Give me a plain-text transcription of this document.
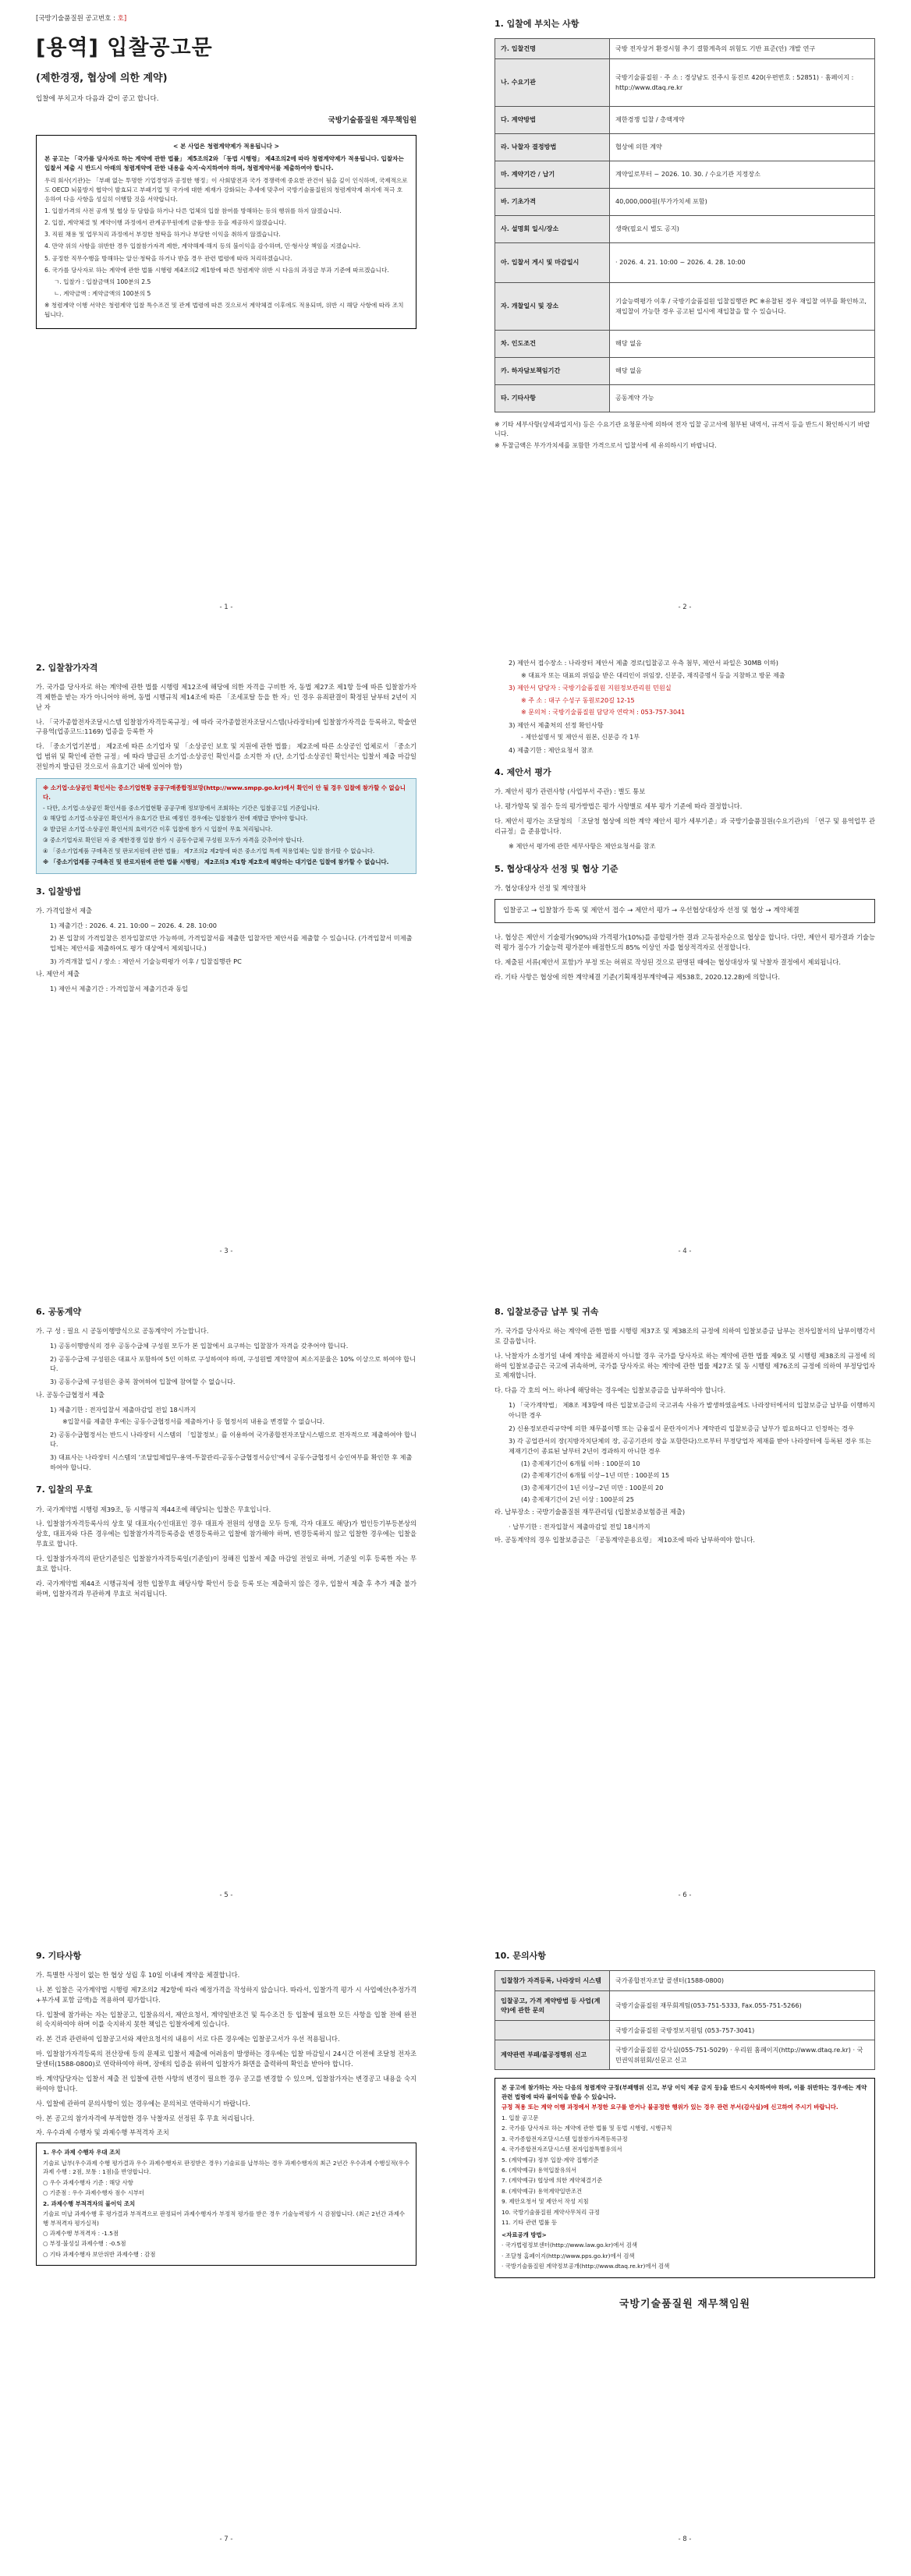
[국방기술품질원 공고번호 : 호]
[용역] 입찰공고문
(제한경쟁, 협상에 의한 계약)
입찰에 부치고자 다음과 같이 공고 합니다.
국방기술품질원 재무책임원
< 본 사업은 청렴계약제가 적용됩니다 >

본 공고는 「국가를 당사자로 하는 계약에 관한 법률」 제5조의2와 「동법 시행령」 제4조의2에 따라 청렴계약제가 적용됩니다. 입찰자는 입찰서 제출 시 반드시 아래의 청렴계약에 관한 내용을 숙지·숙지하여야 하며, 청렴계약서를 제출하여야 합니다.

우리 회사(기관)는 「부패 없는 투명한 기업경영과 공정한 행정」이 사회발전과 국가 경쟁력에 중요한 관건이 됨을 깊이 인식하며, 국제적으로도 OECD 뇌물방지 협약이 발효되고 부패기업 및 국가에 대한 제재가 강화되는 추세에 맞추어 국방기술품질원의 청렴계약제 취지에 적극 호응하여 다음 사항을 성실히 이행할 것을 서약합니다.

1. 입찰가격의 사전 공개 및 협상 등 담합을 하거나 다른 업체의 입찰 참여를 방해하는 등의 행위를 하지 않겠습니다.

2. 입찰, 계약체결 및 계약이행 과정에서 관계공무원에게 금품·향응 등을 제공하지 않겠습니다.

3. 직원 채용 및 업무처리 과정에서 부정한 청탁을 하거나 부당한 이익을 취하지 않겠습니다.

4. 만약 위의 사항을 위반한 경우 입찰참가자격 제한, 계약해제·해지 등의 불이익을 감수하며, 민·형사상 책임을 지겠습니다.

5. 공정한 직무수행을 방해하는 알선·청탁을 하거나 받을 경우 관련 법령에 따라 처리하겠습니다.

6. 국가를 당사자로 하는 계약에 관한 법률 시행령 제4조의2 제1항에 따른 청렴계약 위반 시 다음의 과징금 부과 기준에 따르겠습니다.

ㄱ. 입찰가 : 입찰금액의 100분의 2.5

ㄴ. 계약금액 : 계약금액의 100분의 5

※ 청렴계약 이행 서약은 청렴계약 입찰 특수조건 및 관계 법령에 따른 것으로서 계약체결 이후에도 적용되며, 위반 시 해당 사항에 따라 조치됩니다.

- 1 -
1. 입찰에 부치는 사항
가. 입찰건명	국방 전자상거 환경시험 추기 결함계측의 위험도 기반 표준(안) 개발 연구
나. 수요기관	국방기술품질원 · 주 소 : 경상남도 진주시 동진로 420(우편번호 : 52851) · 홈페이지 : http://www.dtaq.re.kr
다. 계약방법	제한경쟁 입찰 / 총액계약
라. 낙찰자 결정방법	협상에 의한 계약
마. 계약기간 / 납기	계약일로부터 ~ 2026. 10. 30. / 수요기관 지정장소
바. 기초가격	40,000,000원(부가가치세 포함)
사. 설명회 일시/장소	생략(필요시 별도 공지)
아. 입찰서 게시 및 마감일시	· 2026. 4. 21. 10:00 ~ 2026. 4. 28. 10:00
자. 개찰일시 및 장소	기술능력평가 이후 / 국방기술품질원 입찰집행관 PC ※유찰된 경우 재입찰 여부를 확인하고, 재입찰이 가능한 경우 공고된 일시에 재입찰을 할 수 있습니다.
차. 인도조건	해당 없음
카. 하자담보책임기간	해당 없음
타. 기타사항	공동계약 가능
※ 기타 세부사항(상세과업지서) 등은 수요기관 요청문서에 의하여 전자 입찰 공고서에 첨부된 내역서, 규격서 등을 반드시 확인하시기 바랍니다.
※ 투찰금액은 부가가치세를 포함한 가격으로서 입찰서에 세 유의하시기 바랍니다.
- 2 -
2. 입찰참가자격
가. 국가를 당사자로 하는 계약에 관한 법률 시행령 제12조에 해당에 의한 자격을 구비한 자, 동법 제27조 제1항 등에 따른 입찰참가자격 제한을 받는 자가 아니어야 하며, 동법 시행규칙 제14조에 따른 「조세포탈 등을 한 자」인 경우 유죄판결이 확정된 날부터 2년이 지난 자
나. 「국가종합전자조달시스템 입찰참가자격등록규정」에 따라 국가종합전자조달시스템(나라장터)에 입찰참가자격을 등록하고, 학술연구용역(업종코드:1169) 업종을 등록한 자
다. 「중소기업기본법」 제2조에 따른 소기업자 및 「소상공인 보호 및 지원에 관한 법률」 제2조에 따른 소상공인 업체로서 「중소기업 범위 및 확인에 관한 규정」에 따라 발급된 소기업·소상공인 확인서를 소지한 자 (단, 소기업·소상공인 확인서는 입찰서 제출 마감일 전일까지 발급된 것으로서 유효기간 내에 있어야 함)

※ 소기업·소상공인 확인서는 중소기업현황 공공구매종합정보망(http://www.smpp.go.kr)에서 확인이 안 될 경우 입찰에 참가할 수 없습니다.

- 다만, 소기업·소상공인 확인서를 중소기업현황 공공구매 정보망에서 조회하는 기간은 입찰공고일 기준입니다.

① 해당업 소기업·소상공인 확인서가 유효기간 만료 예정인 경우에는 입찰참가 전에 재발급 받아야 합니다.

② 발급된 소기업·소상공인 확인서의 효력기간 이후 입찰에 참가 시 입찰이 무효 처리됩니다.

③ 중소기업자로 확인된 자 중 제한경쟁 입찰 참가 시 공동수급체 구성원 모두가 자격을 갖추어야 합니다.

④ 「중소기업제품 구매촉진 및 판로지원에 관한 법률」 제7조의2 제2항에 따른 중소기업 특례 적용업체는 입찰 참가할 수 없습니다.

※ 「중소기업제품 구매촉진 및 판로지원에 관한 법률 시행령」 제2조의3 제1항 제2호에 해당하는 대기업은 입찰에 참가할 수 없습니다.

3. 입찰방법
가. 가격입찰서 제출
1) 제출기간 : 2026. 4. 21. 10:00 ~ 2026. 4. 28. 10:00
2) 본 입찰의 가격입찰은 전자입찰로만 가능하며, 가격입찰서를 제출한 입찰자만 제안서를 제출할 수 있습니다. (가격입찰서 미제출 업체는 제안서를 제출하여도 평가 대상에서 제외됩니다.)
3) 가격개찰 일시 / 장소 : 제안서 기술능력평가 이후 / 입찰집행관 PC
나. 제안서 제출
1) 제안서 제출기간 : 가격입찰서 제출기간과 동일
- 3 -
2) 제안서 접수장소 : 나라장터 제안서 제출 경로(입찰공고 우측 첨부, 제안서 파일은 30MB 이하)
※ 대표자 또는 대표의 위임을 받은 대리인이 위임장, 신분증, 재직증명서 등을 지참하고 방문 제출
3) 제안서 담당자 : 국방기술품질원 지원정보관리원 민원실
※ 주 소 : 대구 수성구 동원로20길 12-15
※ 문의처 : 국방기술품질원 담당자 연락처 : 053-757-3041
3) 제안서 제출처의 선정 확인사항
- 제안설명서 및 제안서 원본, 신분증 각 1부
4) 제출기한 : 제안요청서 참조
4. 제안서 평가
가. 제안서 평가 관련사항 (사업부서 주관) : 별도 통보
나. 평가항목 및 점수 등의 평가방법은 평가 사항별로 세부 평가 기준에 따라 결정합니다.
다. 제안서 평가는 조달청의 「조달청 협상에 의한 계약 제안서 평가 세부기준」과 국방기술품질원(수요기관)의 「연구 및 용역업무 관리규정」을 준용합니다.
※ 제안서 평가에 관한 세부사항은 제안요청서를 참조
5. 협상대상자 선정 및 협상 기준
가. 협상대상자 선정 및 계약절차
입찰공고 → 입찰참가 등록 및 제안서 접수 → 제안서 평가 → 우선협상대상자 선정 및 협상 → 계약체결
나. 협상은 제안서 기술평가(90%)와 가격평가(10%)를 종합평가한 결과 고득점자순으로 협상을 합니다. 다만, 제안서 평가결과 기술능력 평가 점수가 기술능력 평가분야 배점한도의 85% 이상인 자를 협상적격자로 선정합니다.
다. 제출된 서류(제안서 포함)가 부정 또는 허위로 작성된 것으로 판명된 때에는 협상대상자 및 낙찰자 결정에서 제외됩니다.
라. 기타 사항은 협상에 의한 계약체결 기준(기획재정부계약예규 제538호, 2020.12.28)에 의합니다.
- 4 -
6. 공동계약
가. 구 성 : 필요 시 공동이행방식으로 공동계약이 가능합니다.
1) 공동이행방식의 경우 공동수급체 구성원 모두가 본 입찰에서 요구하는 입찰참가 자격을 갖추어야 합니다.
2) 공동수급체 구성원은 대표사 포함하여 5인 이하로 구성하여야 하며, 구성원별 계약참여 최소지분율은 10% 이상으로 하여야 합니다.
3) 공동수급체 구성원은 중복 참여하여 입찰에 참여할 수 없습니다.
나. 공동수급협정서 제출
1) 제출기한 : 전자입찰서 제출마감일 전일 18시까지
※입찰서를 제출한 후에는 공동수급협정서를 제출하거나 등 협정서의 내용을 변경할 수 없습니다.
2) 공동수급협정서는 반드시 나라장터 시스템의 「입찰정보」를 이용하여 국가종합전자조달시스템으로 전자적으로 제출하여야 합니다.
3) 대표사는 나라장터 시스템의 '조달업체업무-용역-투찰관리-공동수급협정서승인'에서 공동수급협정서 승인여부를 확인한 후 제출하여야 합니다.
7. 입찰의 무효
가. 국가계약법 시행령 제39조, 동 시행규칙 제44조에 해당되는 입찰은 무효입니다.
나. 입찰참가자격등록사의 상호 및 대표자(수인대표인 경우 대표자 전원의 성명을 모두 등재, 각자 대표도 해당)가 법인등기부등본상의 상호, 대표자와 다른 경우에는 입찰참가자격등록증을 변경등록하고 입찰에 참가해야 하며, 변경등록하지 않고 입찰한 경우에는 입찰을 무효로 합니다.
다. 입찰참가자격의 판단기준일은 입찰참가자격등록일(기준일)이 정해진 입찰서 제출 마감일 전일로 하며, 기준일 이후 등록한 자는 무효로 합니다.
라. 국가계약법 제44조 시행규칙에 정한 입찰무효 해당사항 확인서 등을 등록 또는 제출하지 않은 경우, 입찰서 제출 후 추가 제출 불가하며, 입찰자격과 무관하게 무효로 처리됩니다.
- 5 -
8. 입찰보증금 납부 및 귀속
가. 국가를 당사자로 하는 계약에 관한 법률 시행령 제37조 및 제38조의 규정에 의하여 입찰보증금 납부는 전자입찰서의 납부이행각서로 갈음합니다.
나. 낙찰자가 소정기일 내에 계약을 체결하지 아니할 경우 국가를 당사자로 하는 계약에 관한 법률 제9조 및 시행령 제38조의 규정에 의하여 입찰보증금은 국고에 귀속하며, 국가를 당사자로 하는 계약에 관한 법률 제27조 및 동 시행령 제76조의 규정에 의하여 부정당업자로 제재합니다.
다. 다음 각 호의 어느 하나에 해당하는 경우에는 입찰보증금을 납부하여야 합니다.
1) 「국가계약법」 제8조 제3항에 따른 입찰보증금의 국고귀속 사유가 발생하였음에도 나라장터에서의 입찰보증금 납부를 이행하지 아니한 경우
2) 신용정보관리규약에 의한 채무불이행 또는 금융질서 문란자이거나 계약관리 입찰보증금 납부가 필요하다고 인정하는 경우
3) 각 공업관서의 장(지방자치단체의 장, 공공기관의 장을 포함한다)으로부터 부정당업자 제재를 받아 나라장터에 등록된 경우 또는 제재기간이 종료된 날부터 2년이 경과하지 아니한 경우
(1) 총제재기간이 6개월 이하 : 100분의 10
(2) 총제재기간이 6개월 이상~1년 미만 : 100분의 15
(3) 총제재기간이 1년 이상~2년 미만 : 100분의 20
(4) 총제재기간이 2년 이상 : 100분의 25
라. 납부장소 : 국방기술품질원 재무관리팀 (입찰보증보험증권 제출)
· 납부기한 : 전자입찰서 제출마감일 전일 18시까지
마. 공동계약의 경우 입찰보증금은 「공동계약운용요령」 제10조에 따라 납부하여야 합니다.
- 6 -
9. 기타사항
가. 특별한 사정이 없는 한 협상 성립 후 10일 이내에 계약을 체결합니다.
나. 본 입찰은 국가계약법 시행령 제7조의2 제2항에 따라 예정가격을 작성하지 않습니다. 따라서, 입찰가격 평가 시 사업예산(추정가격+부가세 포함 금액)을 적용하여 평가합니다.
다. 입찰에 참가하는 자는 입찰공고, 입찰유의서, 제안요청서, 계약일반조건 및 특수조건 등 입찰에 필요한 모든 사항을 입찰 전에 완전히 숙지하여야 하며 이를 숙지하지 못한 책임은 입찰자에게 있습니다.
라. 본 건과 관련하여 입찰공고서와 제안요청서의 내용이 서로 다른 경우에는 입찰공고서가 우선 적용됩니다.
마. 입찰참가자격등록의 전산장애 등의 문제로 입찰서 제출에 어려움이 발생하는 경우에는 입찰 마감일시 24시간 이전에 조달청 전자조달센터(1588-0800)로 연락하여야 하며, 장애의 입증을 위하여 입찰자가 화면을 출력하여 확인을 받아야 합니다.
바. 계약담당자는 입찰서 제출 전 입찰에 관한 사항의 변경이 필요한 경우 공고를 변경할 수 있으며, 입찰참가자는 변경공고 내용을 숙지하여야 합니다.
사. 입찰에 관하여 문의사항이 있는 경우에는 문의처로 연락하시기 바랍니다.
아. 본 공고의 참가자격에 부적합한 경우 낙찰자로 선정된 후 무효 처리됩니다.
자. 우수과제 수행자 및 과제수행 부적격자 조치

1. 우수 과제 수행자 우대 조치

기술료 납부(우수과제 수행 평가결과 우수 과제수행자로 판정받은 경우) 기술료를 납부하는 경우 과제수행자의 최근 2년간 우수과제 수행실적(우수과제 수행 : 2점, 보통 : 1점)을 반영합니다.

○ 우수 과제수행자 기준 : 해당 사항

○ 기준점 : 우수 과제수행자 점수 시부터

2. 과제수행 부적격자의 불이익 조치

기술료 미납 과제수행 후 평가결과 부적격으로 판정되어 과제수행자가 부정적 평가를 받은 경우 기술능력평가 시 감점합니다. (최근 2년간 과제수행 부적격자 평가실적)

○ 과제수행 부적격자 : -1.5점

○ 부정·불성실 과제수행 : -0.5점

○ 기타 과제수행자 보안위반 과제수행 : 감점

- 7 -
10. 문의사항
입찰참가 자격등록, 나라장터 시스템	국가종합전자조달 콜센터(1588-0800)
입찰공고, 가격 계약방법 등 사업(계약)에 관한 문의	국방기술품질원 재무회계팀(053-751-5333, Fax.055-751-5266)
	국방기술품질원 국방정보지원팀 (053-757-3041)
계약관련 부패/불공정행위 신고	국방기술품질원 감사실(055-751-5029) · 우리원 홈페이지(http://www.dtaq.re.kr) · 국민권익위원회/신문고 신고

본 공고에 참가하는 자는 다음의 청렴계약 규정(부패행위 신고, 부당 이익 제공 금지 등)을 반드시 숙지하여야 하며, 이를 위반하는 경우에는 계약 관련 법령에 따라 불이익을 받을 수 있습니다.

규정 적용 또는 계약 이행 과정에서 부정한 요구를 받거나 불공정한 행위가 있는 경우 관련 부서(감사실)에 신고하여 주시기 바랍니다.

1. 입찰 공고문

2. 국가를 당사자로 하는 계약에 관한 법률 및 동법 시행령, 시행규칙

3. 국가종합전자조달시스템 입찰참가자격등록규정

4. 국가종합전자조달시스템 전자입찰특별유의서

5. (계약예규) 정부 입찰·계약 집행기준

6. (계약예규) 용역입찰유의서

7. (계약예규) 협상에 의한 계약체결기준

8. (계약예규) 용역계약일반조건

9. 제안요청서 및 제안서 작성 지침

10. 국방기술품질원 계약사무처리 규정

11. 기타 관련 법률 등

<자료공개 방법>

· 국가법령정보센터(http://www.law.go.kr)에서 검색

· 조달청 홈페이지(http://www.pps.go.kr)에서 검색

· 국방기술품질원 계약정보공개(http://www.dtaq.re.kr)에서 검색

국방기술품질원 재무책임원
- 8 -
